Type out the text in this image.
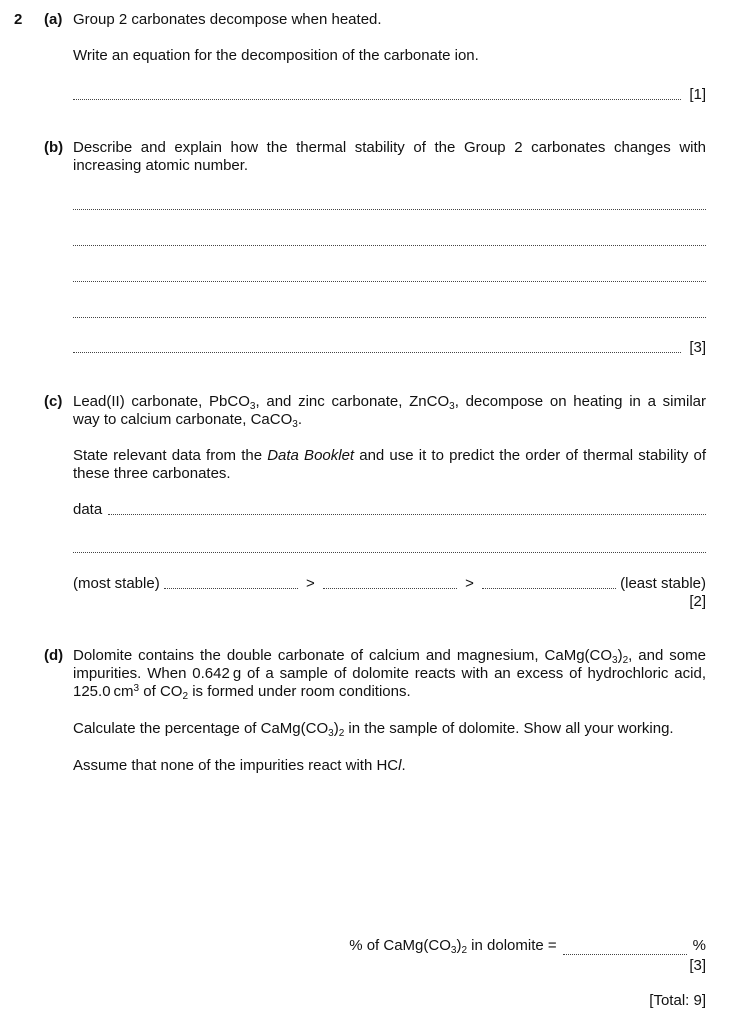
2 (a) Group 2 carbonates decompose when heated.
Write an equation for the decomposition of the carbonate ion.
[1]
(b) Describe and explain how the thermal stability of the Group 2 carbonates changes with increasing atomic number.
[3]
(c) Lead(II) carbonate, PbCO$_3$, and zinc carbonate, ZnCO$_3$, decompose on heating in a similar way to calcium carbonate, CaCO$_3$.
State relevant data from the Data Booklet and use it to predict the order of thermal stability of these three carbonates.
data
(most stable)	>	>	(least stable)
[2]
(d) Dolomite contains the double carbonate of calcium and magnesium, $CaMg(CO_3)_2$, and some impurities. When 0.642 g of a sample of dolomite reacts with an excess of hydrochloric acid, 125.0 $cm^3$ of $CO_2$ is formed under room conditions.
Calculate the percentage of $CaMg(CO_3)_2$ in the sample of dolomite. Show all your working.
Assume that none of the impurities react with HCl.
% of $CaMg(CO_3)_2$ in dolomite =	%
[3]
[Total: 9]
